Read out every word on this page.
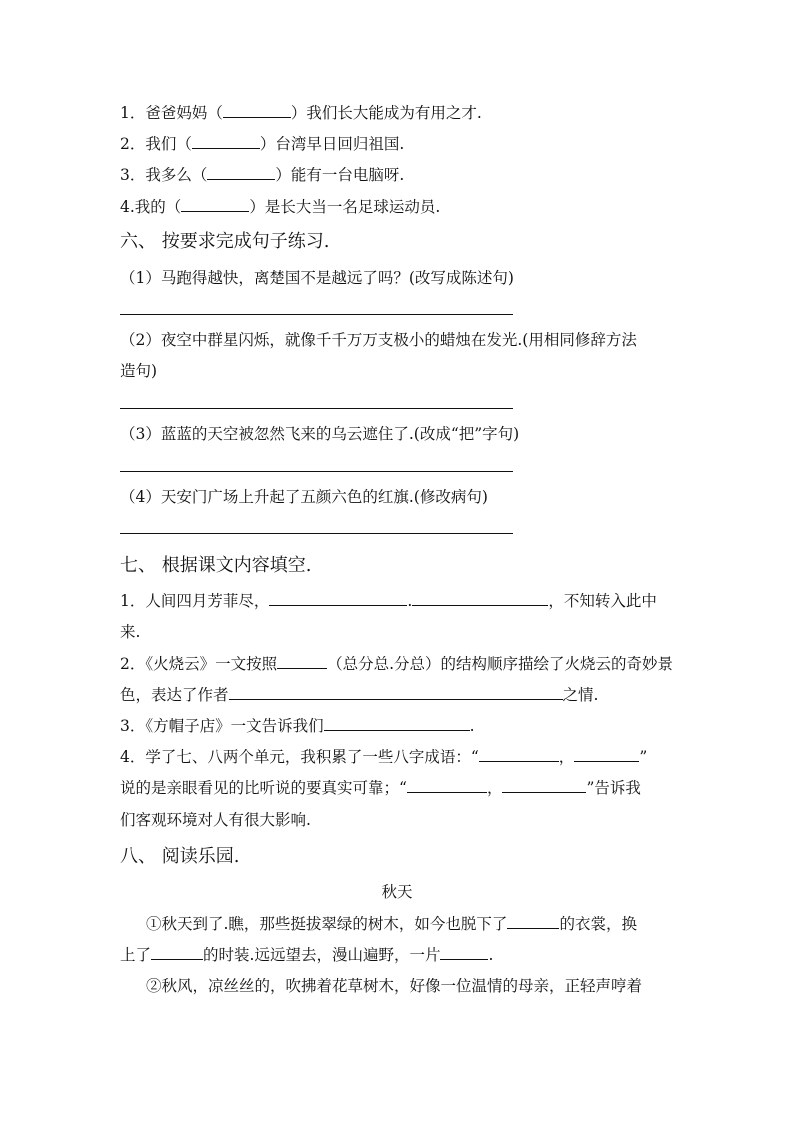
1．爸爸妈妈（	）我们长大能成为有用之才.
2．我们（	）台湾早日回归祖国.
3．我多么（	）能有一台电脑呀.
4.我的（	）是长大当一名足球运动员.
六、 按要求完成句子练习.
（1）马跑得越快，离楚国不是越远了吗？(改写成陈述句)
（2）夜空中群星闪烁，就像千千万万支极小的蜡烛在发光.(用相同修辞方法
造句)
（3）蓝蓝的天空被忽然飞来的乌云遮住了.(改成“把”字句)
（4）天安门广场上升起了五颜六色的红旗.(修改病句)
七、 根据课文内容填空.
1．人间四月芳菲尽，	.	，不知转入此中
来.
2．《火烧云》一文按照	（总分总.分总）的结构顺序描绘了火烧云的奇妙景
色，表达了作者	之情.
3．《方帽子店》一文告诉我们	.
4．学了七、八两个单元，我积累了一些八字成语：“	，	”
说的是亲眼看见的比听说的要真实可靠；“	，	”告诉我
们客观环境对人有很大影响.
八、 阅读乐园.
秋天
①秋天到了.瞧，那些挺拔翠绿的树木，如今也脱下了	的衣裳，换
上了	的时装.远远望去，漫山遍野，一片	.
②秋风，凉丝丝的，吹拂着花草树木，好像一位温情的母亲，正轻声哼着
